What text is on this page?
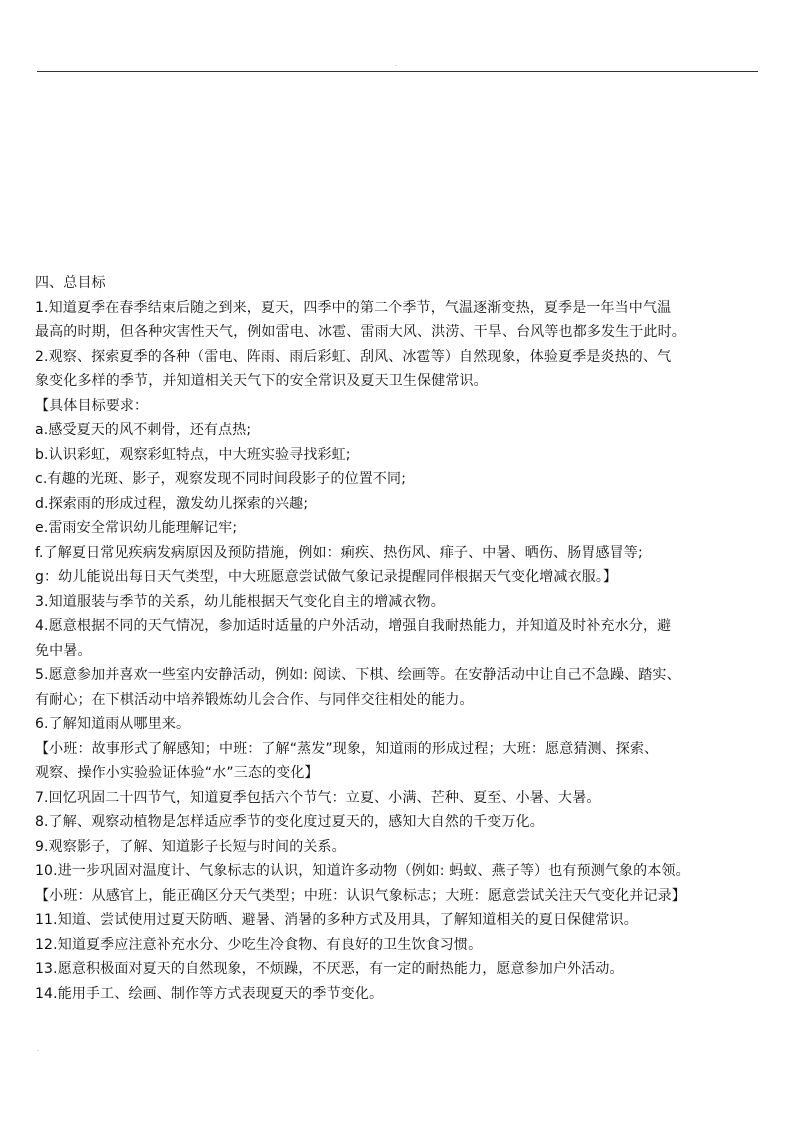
.
四、总目标
1.知道夏季在春季结束后随之到来，夏天，四季中的第二个季节，气温逐渐变热，夏季是一年当中气温
最高的时期，但各种灾害性天气，例如雷电、冰雹、雷雨大风、洪涝、干旱、台风等也都多发生于此时。
2.观察、探索夏季的各种（雷电、阵雨、雨后彩虹、刮风、冰雹等）自然现象，体验夏季是炎热的、气
象变化多样的季节，并知道相关天气下的安全常识及夏天卫生保健常识。
【具体目标要求：
a.感受夏天的风不刺骨，还有点热;
b.认识彩虹，观察彩虹特点，中大班实验寻找彩虹;
c.有趣的光斑、影子，观察发现不同时间段影子的位置不同;
d.探索雨的形成过程，激发幼儿探索的兴趣;
e.雷雨安全常识幼儿能理解记牢;
f.了解夏日常见疾病发病原因及预防措施，例如：痢疾、热伤风、痱子、中暑、晒伤、肠胃感冒等;
g：幼儿能说出每日天气类型，中大班愿意尝试做气象记录提醒同伴根据天气变化增减衣服。】
3.知道服装与季节的关系，幼儿能根据天气变化自主的增减衣物。
4.愿意根据不同的天气情况，参加适时适量的户外活动，增强自我耐热能力，并知道及时补充水分，避
免中暑。
5.愿意参加并喜欢一些室内安静活动，例如: 阅读、下棋、绘画等。在安静活动中让自己不急躁、踏实、
有耐心；在下棋活动中培养锻炼幼儿会合作、与同伴交往相处的能力。
6.了解知道雨从哪里来。
【小班：故事形式了解感知；中班：了解“蒸发”现象，知道雨的形成过程；大班：愿意猜测、探索、
观察、操作小实验验证体验“水”三态的变化】
7.回忆巩固二十四节气，知道夏季包括六个节气：立夏、小满、芒种、夏至、小暑、大暑。
8.了解、观察动植物是怎样适应季节的变化度过夏天的，感知大自然的千变万化。
9.观察影子，了解、知道影子长短与时间的关系。
10.进一步巩固对温度计、气象标志的认识，知道许多动物（例如: 蚂蚁、燕子等）也有预测气象的本领。
【小班：从感官上，能正确区分天气类型；中班：认识气象标志；大班：愿意尝试关注天气变化并记录】
11.知道、尝试使用过夏天防晒、避暑、消暑的多种方式及用具，了解知道相关的夏日保健常识。
12.知道夏季应注意补充水分、少吃生冷食物、有良好的卫生饮食习惯。
13.愿意积极面对夏天的自然现象，不烦躁，不厌恶，有一定的耐热能力，愿意参加户外活动。
14.能用手工、绘画、制作等方式表现夏天的季节变化。
.
